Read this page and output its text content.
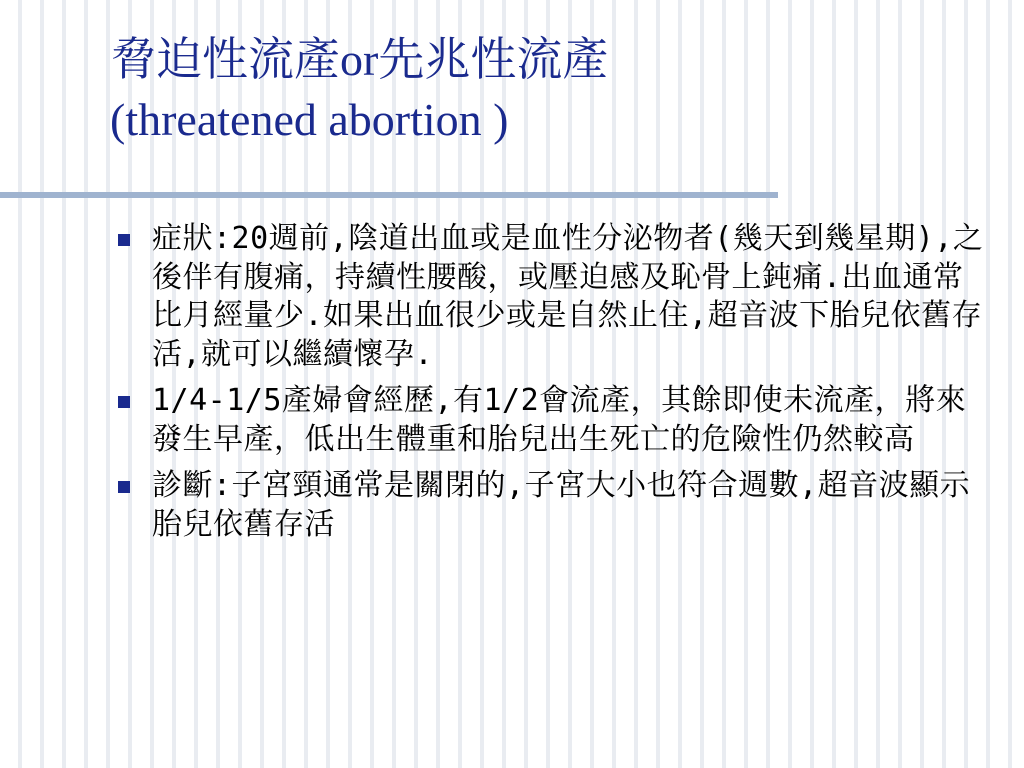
脅迫性流產or先兆性流產
(threatened abortion )
症狀:20週前,陰道出血或是血性分泌物者(幾天到幾星期),之後伴有腹痛，持續性腰酸，或壓迫感及恥骨上鈍痛.出血通常比月經量少.如果出血很少或是自然止住,超音波下胎兒依舊存活,就可以繼續懷孕.
1/4-1/5產婦會經歷,有1/2會流產，其餘即使未流產，將來發生早產，低出生體重和胎兒出生死亡的危險性仍然較高
診斷:子宮頸通常是關閉的,子宮大小也符合週數,超音波顯示胎兒依舊存活
